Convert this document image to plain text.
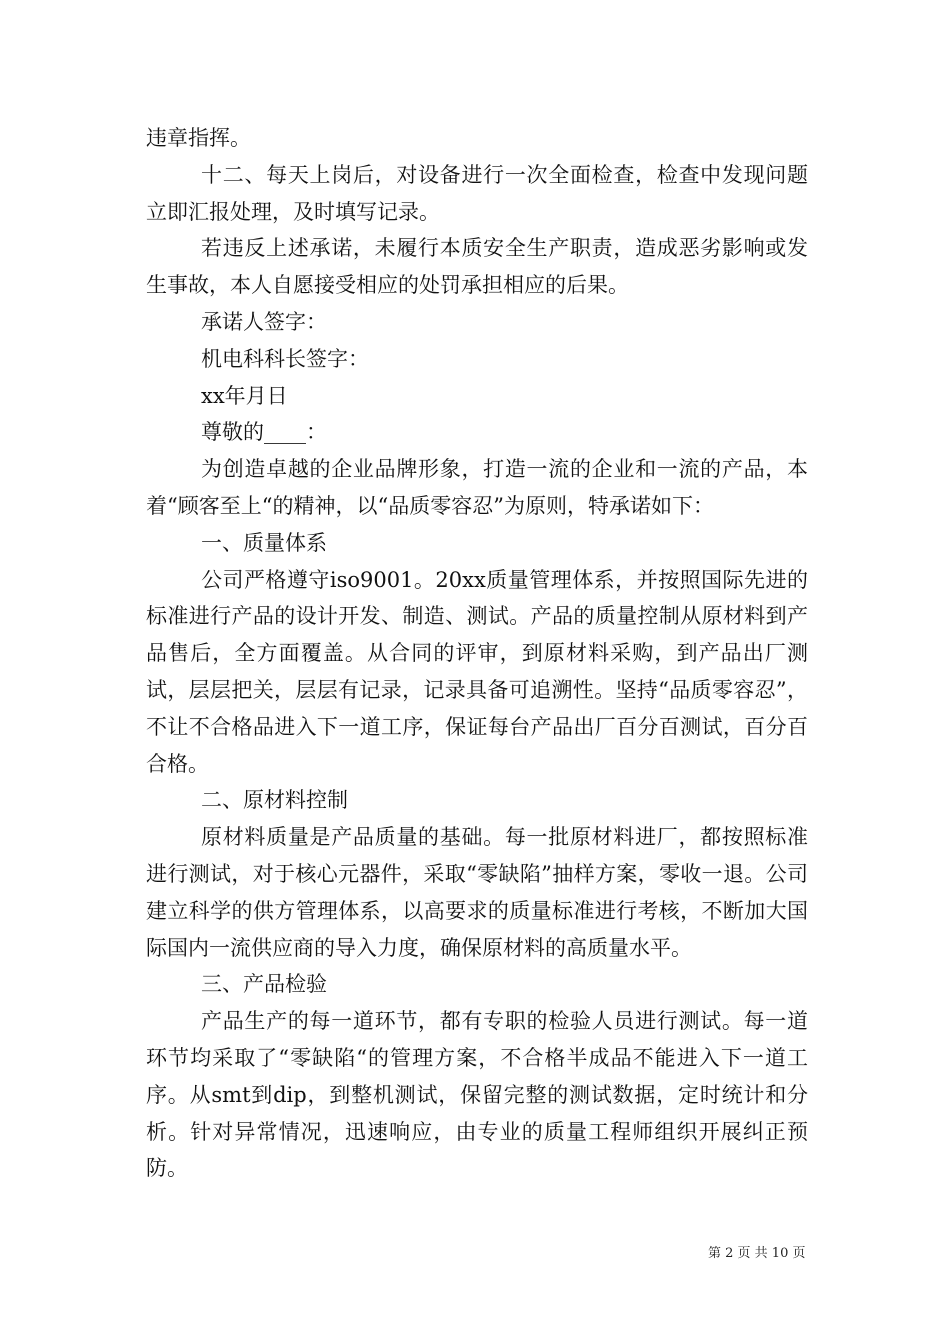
违章指挥。

十二、每天上岗后，对设备进行一次全面检查，检查中发现问题立即汇报处理，及时填写记录。

若违反上述承诺，未履行本质安全生产职责，造成恶劣影响或发生事故，本人自愿接受相应的处罚承担相应的后果。

承诺人签字：

机电科科长签字：

xx年月日

尊敬的____：

为创造卓越的企业品牌形象，打造一流的企业和一流的产品，本着“顾客至上“的精神，以“品质零容忍”为原则，特承诺如下：

一、质量体系

公司严格遵守iso9001。20xx质量管理体系，并按照国际先进的标准进行产品的设计开发、制造、测试。产品的质量控制从原材料到产品售后，全方面覆盖。从合同的评审，到原材料采购，到产品出厂测试，层层把关，层层有记录，记录具备可追溯性。坚持“品质零容忍”，不让不合格品进入下一道工序，保证每台产品出厂百分百测试，百分百合格。

二、原材料控制

原材料质量是产品质量的基础。每一批原材料进厂，都按照标准进行测试，对于核心元器件，采取“零缺陷”抽样方案，零收一退。公司建立科学的供方管理体系，以高要求的质量标准进行考核，不断加大国际国内一流供应商的导入力度，确保原材料的高质量水平。

三、产品检验

产品生产的每一道环节，都有专职的检验人员进行测试。每一道环节均采取了“零缺陷“的管理方案，不合格半成品不能进入下一道工序。从smt到dip，到整机测试，保留完整的测试数据，定时统计和分析。针对异常情况，迅速响应，由专业的质量工程师组织开展纠正预防。

第 2 页 共 10 页
